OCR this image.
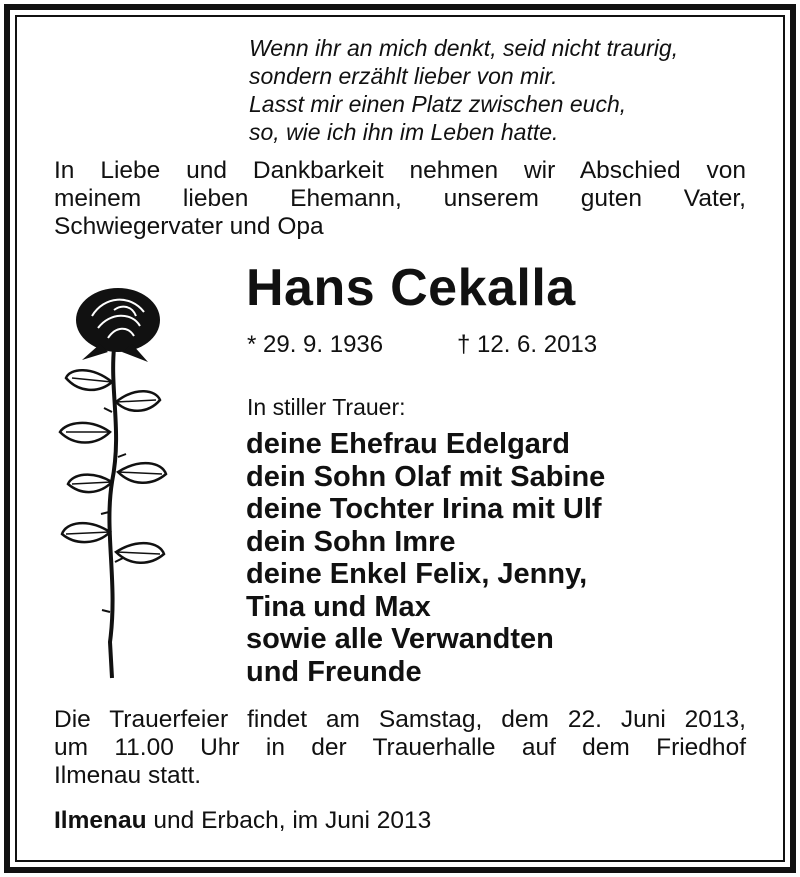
Wenn ihr an mich denkt, seid nicht traurig,
sondern erzählt lieber von mir.
Lasst mir einen Platz zwischen euch,
so, wie ich ihn im Leben hatte.
In Liebe und Dankbarkeit nehmen wir Abschied von
meinem lieben Ehemann, unserem guten Vater,
Schwiegervater und Opa
Hans Cekalla
* 29. 9. 1936	† 12. 6. 2013
In stiller Trauer:
deine Ehefrau Edelgard
dein Sohn Olaf mit Sabine
deine Tochter Irina mit Ulf
dein Sohn Imre
deine Enkel Felix, Jenny,
Tina und Max
sowie alle Verwandten
und Freunde
Die Trauerfeier findet am Samstag, dem 22. Juni 2013,
um 11.00 Uhr in der Trauerhalle auf dem Friedhof
Ilmenau statt.
Ilmenau und Erbach, im Juni 2013
